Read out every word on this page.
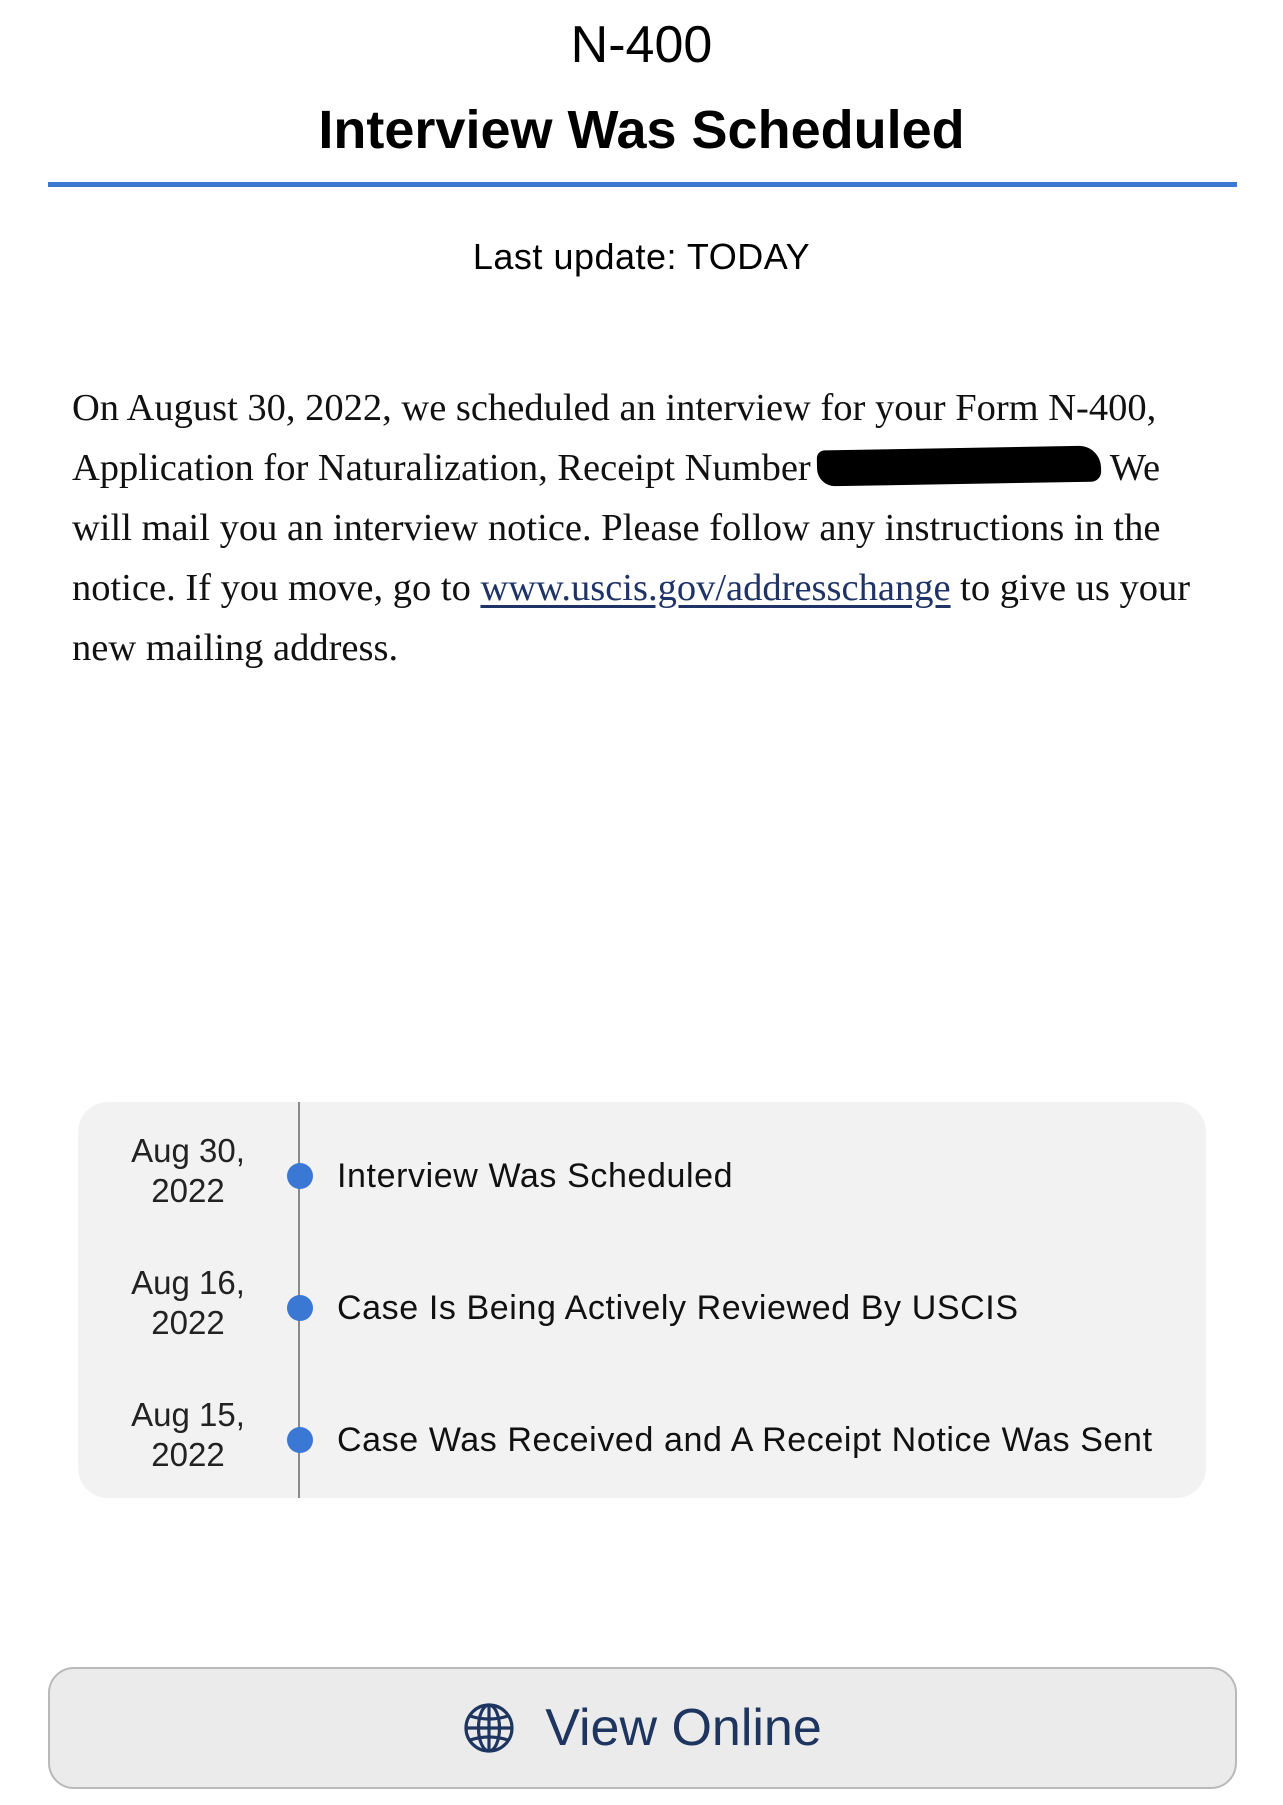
N-400
Interview Was Scheduled
Last update: TODAY
On August 30, 2022, we scheduled an interview for your Form N-400, Application for Naturalization, Receipt Number	We will mail you an interview notice. Please follow any instructions in the notice. If you move, go to www.uscis.gov/addresschange to give us your new mailing address.
Aug 30,
2022	Interview Was Scheduled
Aug 16,
2022	Case Is Being Actively Reviewed By USCIS
Aug 15,
2022	Case Was Received and A Receipt Notice Was Sent
View Online
